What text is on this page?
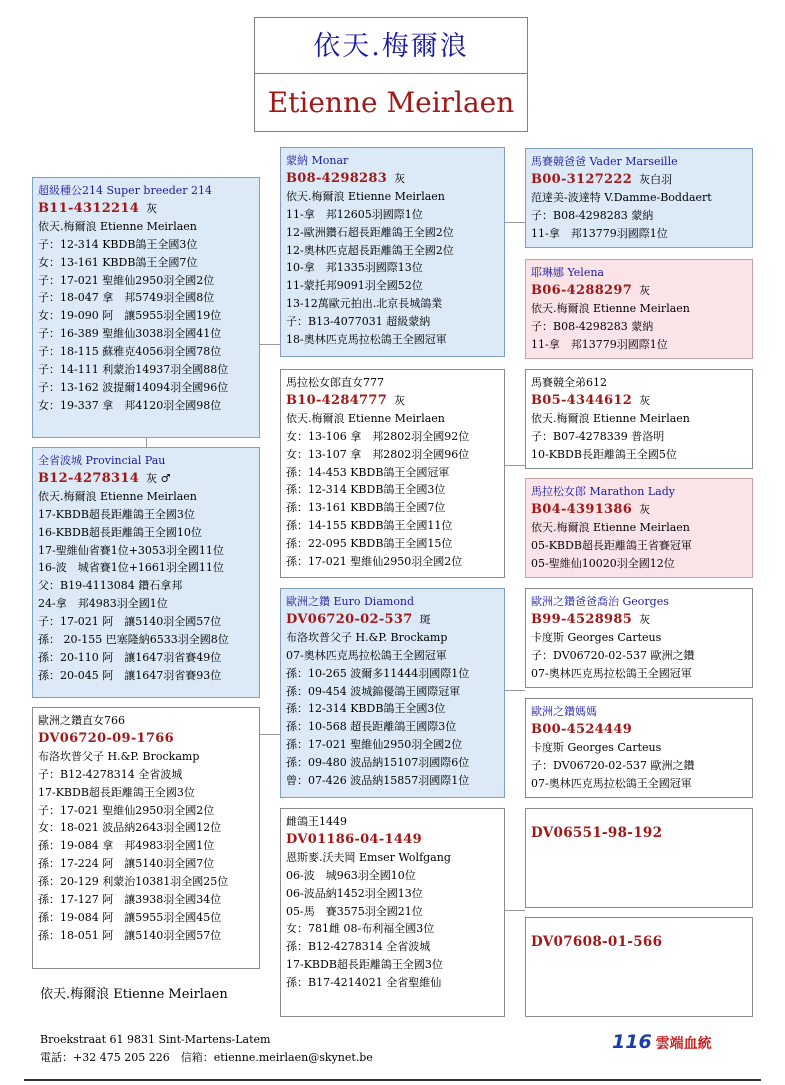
依天.梅爾浪
Etienne Meirlaen
超級種公214 Super breeder 214
B11-4312214 灰
依天.梅爾浪 Etienne Meirlaen
子：12-314 KBDB鴿王全國3位
女：13-161 KBDB鴿王全國7位
子：17-021 聖維仙2950羽全國2位
子：18-047 拿　邦5749羽全國8位
女：19-090 阿　讓5955羽全國19位
子：16-389 聖維仙3038羽全國41位
子：18-115 蘇雅克4056羽全國78位
子：14-111 利蒙治14937羽全國88位
子：13-162 波提爾14094羽全國96位
女：19-337 拿　邦4120羽全國98位
全省波城 Provincial Pau
B12-4278314 灰 ♂
依天.梅爾浪 Etienne Meirlaen
17-KBDB超長距離鴿王全國3位
16-KBDB超長距離鴿王全國10位
17-聖維仙省賽1位+3053羽全國11位
16-波　城省賽1位+1661羽全國11位
父：B19-4113084 鑽石拿邦
24-拿　邦4983羽全國1位
子：17-021 阿　讓5140羽全國57位
孫： 20-155 巴塞隆納6533羽全國8位
孫：20-110 阿　讓1647羽省賽49位
孫：20-045 阿　讓1647羽省賽93位
歐洲之鑽直女766
DV06720-09-1766
布洛坎普父子 H.&P. Brockamp
子：B12-4278314 全省波城
17-KBDB超長距離鴿王全國3位
子：17-021 聖維仙2950羽全國2位
女：18-021 波品納2643羽全國12位
孫：19-084 拿　邦4983羽全國1位
孫：17-224 阿　讓5140羽全國7位
孫：20-129 利蒙治10381羽全國25位
孫：17-127 阿　讓3938羽全國34位
孫：19-084 阿　讓5955羽全國45位
孫：18-051 阿　讓5140羽全國57位
蒙納 Monar
B08-4298283 灰
依天.梅爾浪 Etienne Meirlaen
11-拿　邦12605羽國際1位
12-歐洲鑽石超長距離鴿王全國2位
12-奧林匹克超長距離鴿王全國2位
10-拿　邦1335羽國際13位
11-蒙托邦9091羽全國52位
13-12萬歐元拍出.北京長城鴿業
子：B13-4077031 超級蒙納
18-奧林匹克馬拉松鴿王全國冠軍
馬拉松女郎直女777
B10-4284777 灰
依天.梅爾浪 Etienne Meirlaen
女：13-106 拿　邦2802羽全國92位
女：13-107 拿　邦2802羽全國96位
孫：14-453 KBDB鴿王全國冠軍
孫：12-314 KBDB鴿王全國3位
孫：13-161 KBDB鴿王全國7位
孫：14-155 KBDB鴿王全國11位
孫：22-095 KBDB鴿王全國15位
孫：17-021 聖維仙2950羽全國2位
歐洲之鑽 Euro Diamond
DV06720-02-537 斑
布洛坎普父子 H.&P. Brockamp
07-奧林匹克馬拉松鴿王全國冠軍
孫：10-265 波爾多11444羽國際1位
孫：09-454 波城錦優鴿王國際冠軍
孫：12-314 KBDB鴿王全國3位
孫：10-568 超長距離鴿王國際3位
孫：17-021 聖維仙2950羽全國2位
孫：09-480 波品納15107羽國際6位
曾：07-426 波品納15857羽國際1位
雌鴿王1449
DV01186-04-1449
恩斯麥.沃夫岡 Emser Wolfgang
06-波　城963羽全國10位
06-波品納1452羽全國13位
05-馬　賽3575羽全國21位
女：781雌 08-布利福全國3位
孫：B12-4278314 全省波城
17-KBDB超長距離鴿王全國3位
孫：B17-4214021 全省聖維仙
馬賽競爸爸 Vader Marseille
B00-3127222 灰白羽
范達美-波達特 V.Damme-Boddaert
子：B08-4298283 蒙納
11-拿　邦13779羽國際1位
耶琳娜 Yelena
B06-4288297 灰
依天.梅爾浪 Etienne Meirlaen
子：B08-4298283 蒙納
11-拿　邦13779羽國際1位
馬賽競全弟612
B05-4344612 灰
依天.梅爾浪 Etienne Meirlaen
子：B07-4278339 普洛明
10-KBDB長距離鴿王全國5位
馬拉松女郎 Marathon Lady
B04-4391386 灰
依天.梅爾浪 Etienne Meirlaen
05-KBDB超長距離鴿王省賽冠軍
05-聖維仙10020羽全國12位
歐洲之鑽爸爸喬治 Georges
B99-4528985 灰
卡度斯 Georges Carteus
子：DV06720-02-537 歐洲之鑽
07-奧林匹克馬拉松鴿王全國冠軍
歐洲之鑽媽媽
B00-4524449
卡度斯 Georges Carteus
子：DV06720-02-537 歐洲之鑽
07-奧林匹克馬拉松鴿王全國冠軍
DV06551-98-192
DV07608-01-566
依天.梅爾浪 Etienne Meirlaen
Broekstraat 61 9831 Sint-Martens-Latem
電話：+32 475 205 226　信箱：etienne.meirlaen@skynet.be
116 雲端血統
